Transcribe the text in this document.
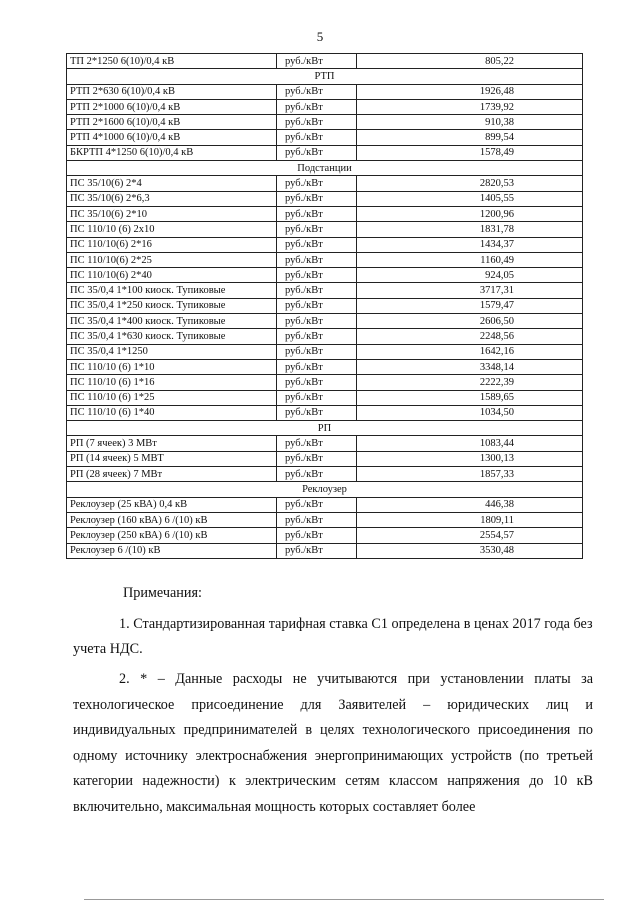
5
ТП 2*1250 6(10)/0,4 кВ	руб./кВт	805,22
РТП		
РТП 2*630 6(10)/0,4 кВ	руб./кВт	1926,48
РТП 2*1000 6(10)/0,4 кВ	руб./кВт	1739,92
РТП 2*1600 6(10)/0,4 кВ	руб./кВт	910,38
РТП 4*1000 6(10)/0,4 кВ	руб./кВт	899,54
БКРТП 4*1250 6(10)/0,4 кВ	руб./кВт	1578,49
Подстанции		
ПС 35/10(6) 2*4	руб./кВт	2820,53
ПС 35/10(6) 2*6,3	руб./кВт	1405,55
ПС 35/10(6) 2*10	руб./кВт	1200,96
ПС 110/10 (6) 2х10	руб./кВт	1831,78
ПС 110/10(6) 2*16	руб./кВт	1434,37
ПС 110/10(6) 2*25	руб./кВт	1160,49
ПС 110/10(6) 2*40	руб./кВт	924,05
ПС 35/0,4 1*100 киоск. Тупиковые	руб./кВт	3717,31
ПС 35/0,4 1*250 киоск. Тупиковые	руб./кВт	1579,47
ПС 35/0,4 1*400 киоск. Тупиковые	руб./кВт	2606,50
ПС 35/0,4 1*630 киоск. Тупиковые	руб./кВт	2248,56
ПС 35/0,4 1*1250	руб./кВт	1642,16
ПС 110/10 (6) 1*10	руб./кВт	3348,14
ПС 110/10 (6) 1*16	руб./кВт	2222,39
ПС 110/10 (6) 1*25	руб./кВт	1589,65
ПС 110/10 (6) 1*40	руб./кВт	1034,50
РП		
РП (7 ячеек) 3 МВт	руб./кВт	1083,44
РП (14 ячеек) 5 МВТ	руб./кВт	1300,13
РП (28 ячеек) 7 МВт	руб./кВт	1857,33
Реклоузер		
Реклоузер (25 кВА) 0,4 кВ	руб./кВт	446,38
Реклоузер (160 кВА) 6 /(10) кВ	руб./кВт	1809,11
Реклоузер (250 кВА) 6 /(10) кВ	руб./кВт	2554,57
Реклоузер 6 /(10) кВ	руб./кВт	3530,48

Примечания:

1. Стандартизированная тарифная ставка С1 определена в ценах 2017 года без учета НДС.

2. * – Данные расходы не учитываются при установлении платы за технологическое присоединение для Заявителей – юридических лиц и индивидуальных предпринимателей в целях технологического присоединения по одному источнику электроснабжения энергопринимающих устройств (по третьей категории надежности) к электрическим сетям классом напряжения до 10 кВ включительно, максимальная мощность которых составляет более
